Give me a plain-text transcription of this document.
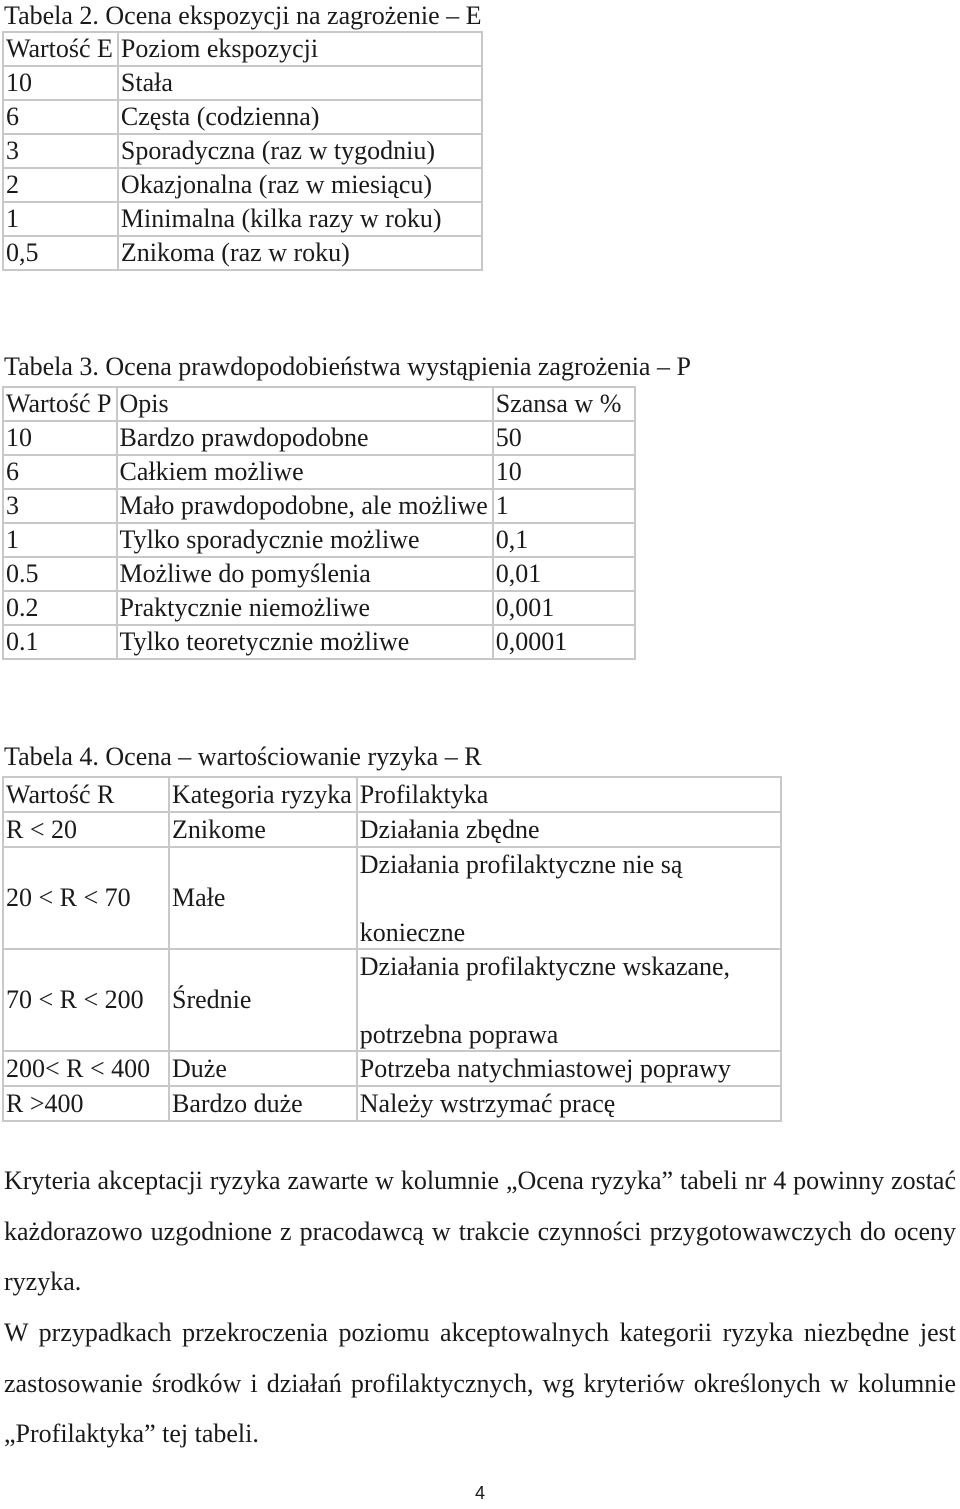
Tabela 2. Ocena ekspozycji na zagrożenie – E

Wartość E	Poziom ekspozycji
10	Stała
6	Częsta (codzienna)
3	Sporadyczna (raz w tygodniu)
2	Okazjonalna (raz w miesiącu)
1	Minimalna (kilka razy w roku)
0,5	Znikoma (raz w roku)

Tabela 3. Ocena prawdopodobieństwa wystąpienia zagrożenia – P

Wartość P	Opis	Szansa w %
10	Bardzo prawdopodobne	50
6	Całkiem możliwe	10
3	Mało prawdopodobne, ale możliwe	1
1	Tylko sporadycznie możliwe	0,1
0.5	Możliwe do pomyślenia	0,01
0.2	Praktycznie niemożliwe	0,001
0.1	Tylko teoretycznie możliwe	0,0001

Tabela 4. Ocena – wartościowanie ryzyka – R

Wartość R	Kategoria ryzyka	Profilaktyka
R < 20	Znikome	Działania zbędne
20 < R < 70	Małe	Działania profilaktyczne nie są
konieczne

70 < R < 200	Średnie	Działania profilaktyczne wskazane,
potrzebna poprawa

200< R < 400	Duże	Potrzeba natychmiastowej poprawy
R >400	Bardzo duże	Należy wstrzymać pracę

Kryteria akceptacji ryzyka zawarte w kolumnie „Ocena ryzyka” tabeli nr 4 powinny zostać każdorazowo uzgodnione z pracodawcą w trakcie czynności przygotowawczych do oceny ryzyka.

W przypadkach przekroczenia poziomu akceptowalnych kategorii ryzyka niezbędne jest zastosowanie środków i działań profilaktycznych, wg kryteriów określonych w kolumnie „Profilaktyka” tej tabeli.

4
